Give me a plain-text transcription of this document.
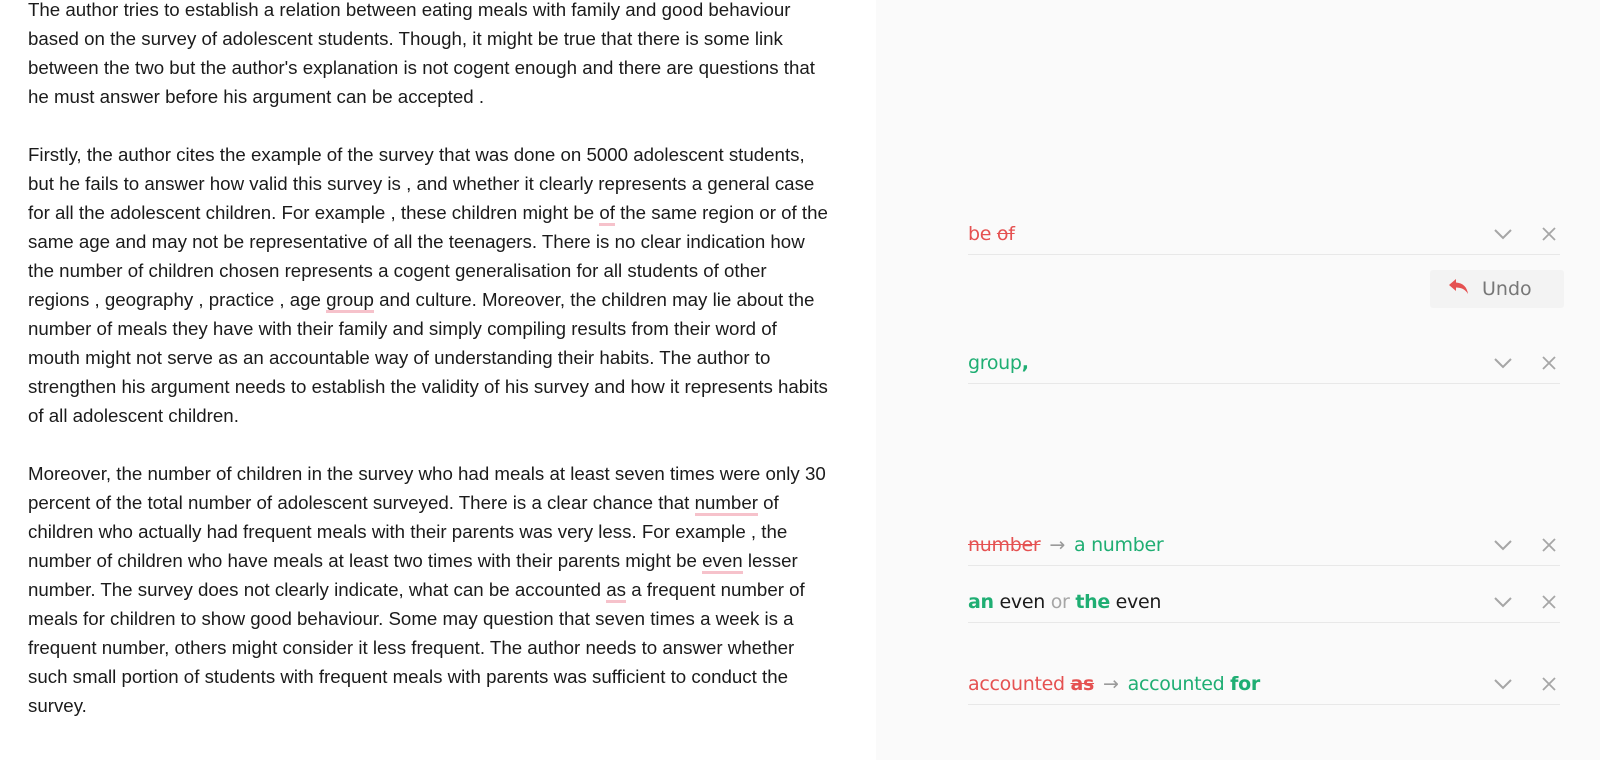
The author tries to establish a relation between eating meals with family and good behaviour based on the survey of adolescent students. Though, it might be true that there is some link between the two but the author's explanation is not cogent enough and there are questions that he must answer before his argument can be accepted .

Firstly, the author cites the example of the survey that was done on 5000 adolescent students, but he fails to answer how valid this survey is , and whether it clearly represents a general case for all the adolescent children. For example , these children might be of the same region or of the same age and may not be representative of all the teenagers. There is no clear indication how the number of children chosen represents a cogent generalisation for all students of other regions , geography , practice , age group and culture. Moreover, the children may lie about the number of meals they have with their family and simply compiling results from their word of mouth might not serve as an accountable way of understanding their habits. The author to strengthen his argument needs to establish the validity of his survey and how it represents habits of all adolescent children.

Moreover, the number of children in the survey who had meals at least seven times were only 30 percent of the total number of adolescent surveyed. There is a clear chance that number of children who actually had frequent meals with their parents was very less. For example , the number of children who have meals at least two times with their parents might be even lesser number. The survey does not clearly indicate, what can be accounted as a frequent number of meals for children to show good behaviour. Some may question that seven times a week is a frequent number, others might consider it less frequent. The author needs to answer whether such small portion of students with frequent meals with parents was sufficient to conduct the survey.

be of
Undo
group,
number → a number
an even or the even
accounted as → accounted for
